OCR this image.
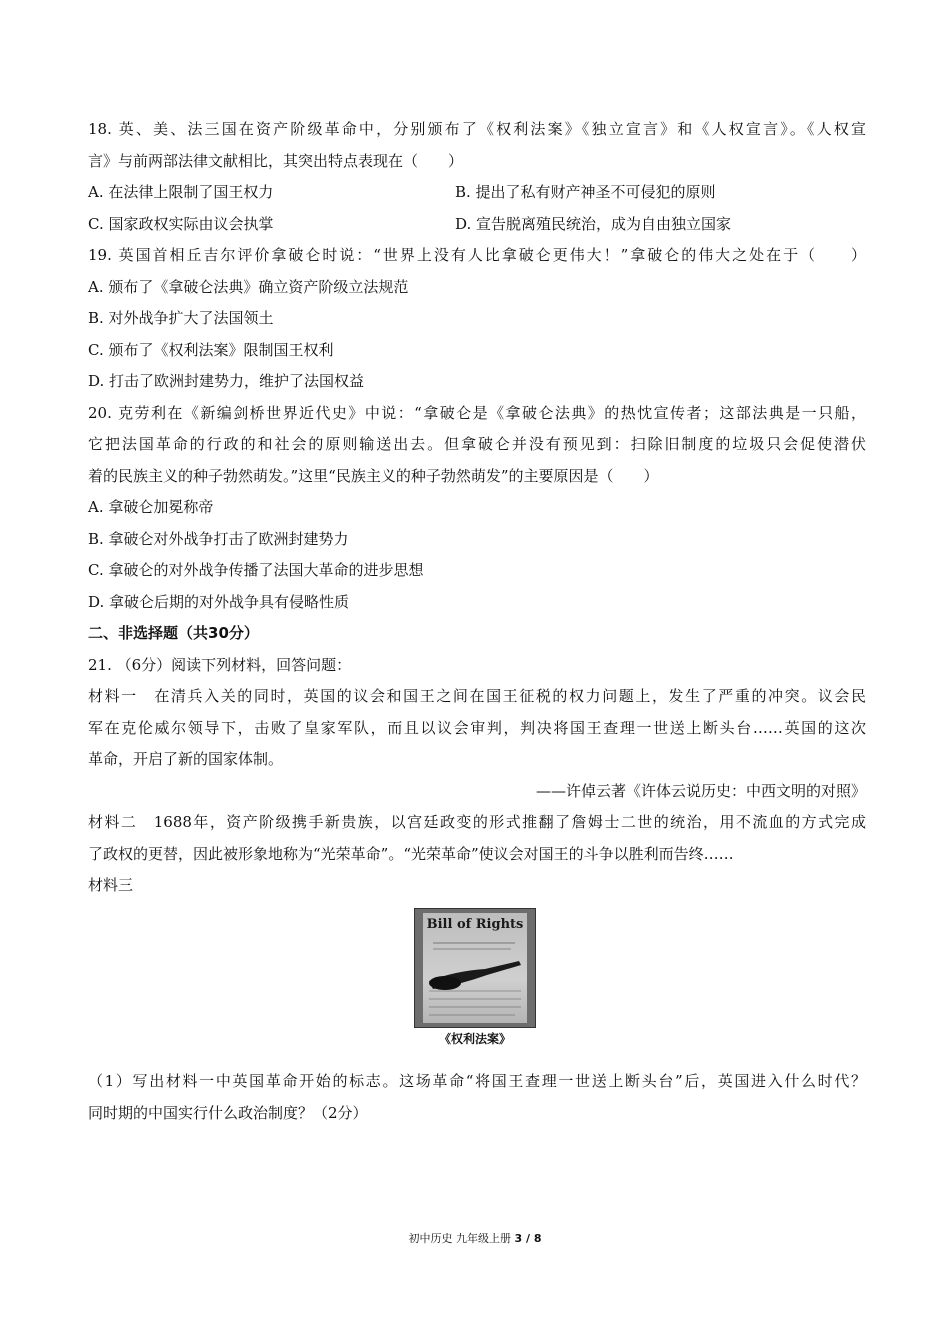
18. 英、美、法三国在资产阶级革命中，分别颁布了《权利法案》《独立宣言》和《人权宣言》。《人权宣
言》与前两部法律文献相比，其突出特点表现在（　　）
A. 在法律上限制了国王权力	B. 提出了私有财产神圣不可侵犯的原则
C. 国家政权实际由议会执掌	D. 宣告脱离殖民统治，成为自由独立国家
19. 英国首相丘吉尔评价拿破仑时说：“世界上没有人比拿破仑更伟大！”拿破仑的伟大之处在于（　　）
A. 颁布了《拿破仑法典》确立资产阶级立法规范
B. 对外战争扩大了法国领土
C. 颁布了《权利法案》限制国王权利
D. 打击了欧洲封建势力，维护了法国权益
20. 克劳利在《新编剑桥世界近代史》中说：“拿破仑是《拿破仑法典》的热忱宣传者；这部法典是一只船，
它把法国革命的行政的和社会的原则输送出去。但拿破仑并没有预见到：扫除旧制度的垃圾只会促使潜伏
着的民族主义的种子勃然萌发。”这里“民族主义的种子勃然萌发”的主要原因是（　　）
A. 拿破仑加冕称帝
B. 拿破仑对外战争打击了欧洲封建势力
C. 拿破仑的对外战争传播了法国大革命的进步思想
D. 拿破仑后期的对外战争具有侵略性质
二、非选择题（共30分）
21. （6分）阅读下列材料，回答问题：
材料一　在清兵入关的同时，英国的议会和国王之间在国王征税的权力问题上，发生了严重的冲突。议会民
军在克伦威尔领导下，击败了皇家军队，而且以议会审判，判决将国王查理一世送上断头台……英国的这次
革命，开启了新的国家体制。
——许倬云著《许体云说历史：中西文明的对照》
材料二　1688年，资产阶级携手新贵族，以宫廷政变的形式推翻了詹姆士二世的统治，用不流血的方式完成
了政权的更替，因此被形象地称为“光荣革命”。“光荣革命”使议会对国王的斗争以胜利而告终……
材料三
Bill of Rights
《权利法案》
（1）写出材料一中英国革命开始的标志。这场革命“将国王查理一世送上断头台”后，英国进入什么时代？
同时期的中国实行什么政治制度？（2分）
初中历史 九年级上册 3 / 8
